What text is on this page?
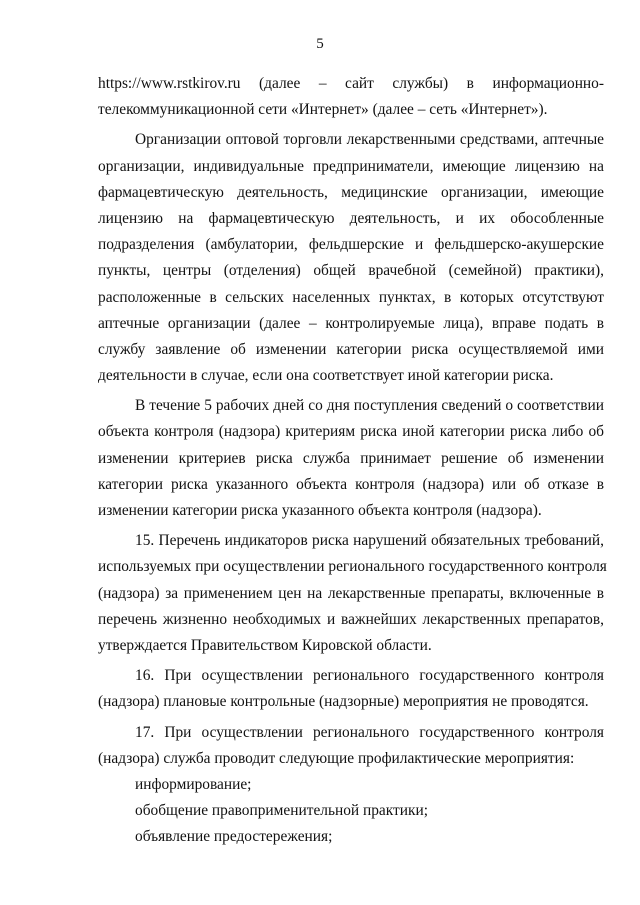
5
https://www.rstkirov.ru (далее – сайт службы) в информационно-
телекоммуникационной сети «Интернет» (далее – сеть «Интернет»).
Организации оптовой торговли лекарственными средствами, аптечные
организации, индивидуальные предприниматели, имеющие лицензию на
фармацевтическую деятельность, медицинские организации, имеющие
лицензию на фармацевтическую деятельность, и их обособленные
подразделения (амбулатории, фельдшерские и фельдшерско-акушерские
пункты, центры (отделения) общей врачебной (семейной) практики),
расположенные в сельских населенных пунктах, в которых отсутствуют
аптечные организации (далее – контролируемые лица), вправе подать в
службу заявление об изменении категории риска осуществляемой ими
деятельности в случае, если она соответствует иной категории риска.
В течение 5 рабочих дней со дня поступления сведений о соответствии
объекта контроля (надзора) критериям риска иной категории риска либо об
изменении критериев риска служба принимает решение об изменении
категории риска указанного объекта контроля (надзора) или об отказе в
изменении категории риска указанного объекта контроля (надзора).
15. Перечень индикаторов риска нарушений обязательных требований,
используемых при осуществлении регионального государственного контроля
(надзора) за применением цен на лекарственные препараты, включенные в
перечень жизненно необходимых и важнейших лекарственных препаратов,
утверждается Правительством Кировской области.
16. При осуществлении регионального государственного контроля
(надзора) плановые контрольные (надзорные) мероприятия не проводятся.
17. При осуществлении регионального государственного контроля
(надзора) служба проводит следующие профилактические мероприятия:
информирование;
обобщение правоприменительной практики;
объявление предостережения;
